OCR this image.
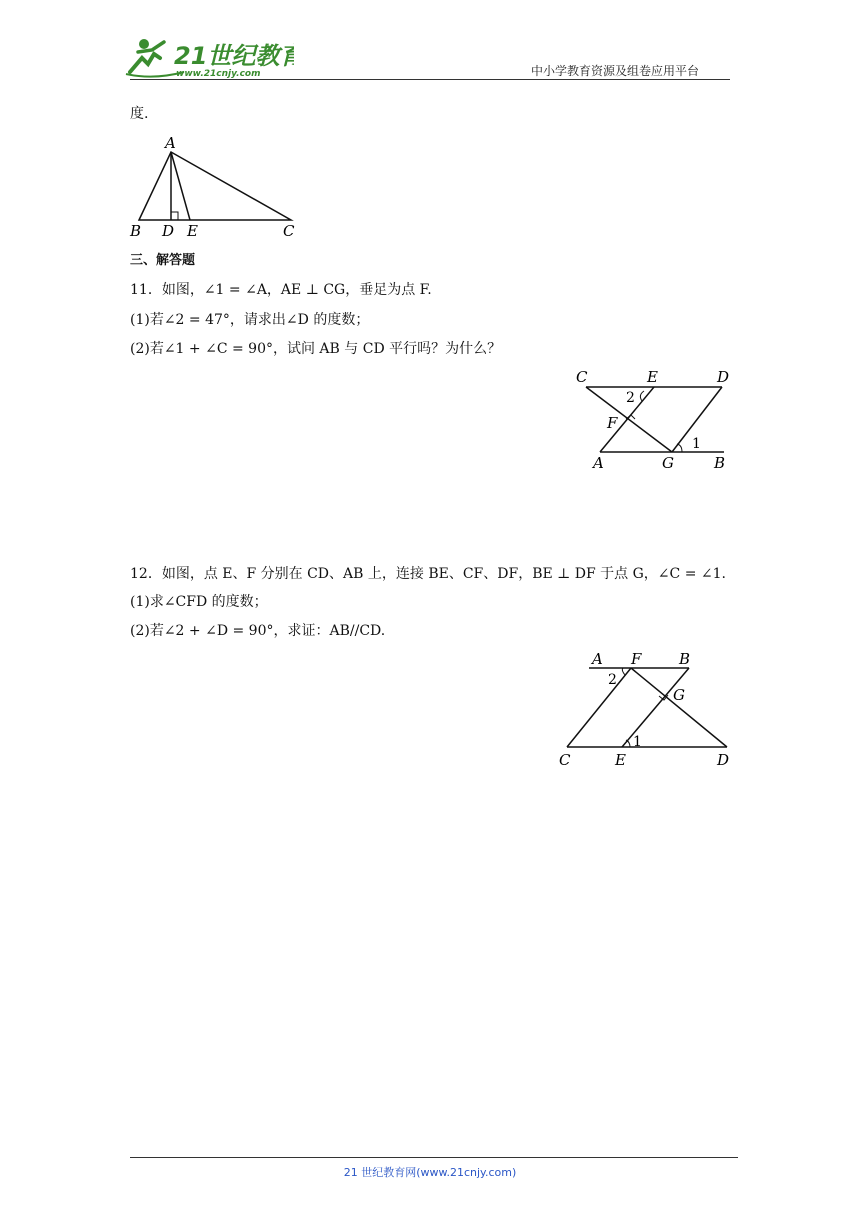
21世纪教育
www.21cnjy.com	中小学教育资源及组卷应用平台
度.
A
B D E	C
三、解答题
11．如图，∠1 = ∠A，AE ⊥ CG，垂足为点 F.
(1)若∠2 = 47°，请求出∠D 的度数；
(2)若∠1 + ∠C = 90°，试问 AB 与 CD 平行吗？为什么？
C	E	D
F
A	G	B
2
1
12．如图，点 E、F 分别在 CD、AB 上，连接 BE、CF、DF，BE ⊥ DF 于点 G，∠C = ∠1.
(1)求∠CFD 的度数；
(2)若∠2 + ∠D = 90°，求证：AB//CD.
A F	B
G
C	E	D
2
1
21 世纪教育网(www.21cnjy.com)
